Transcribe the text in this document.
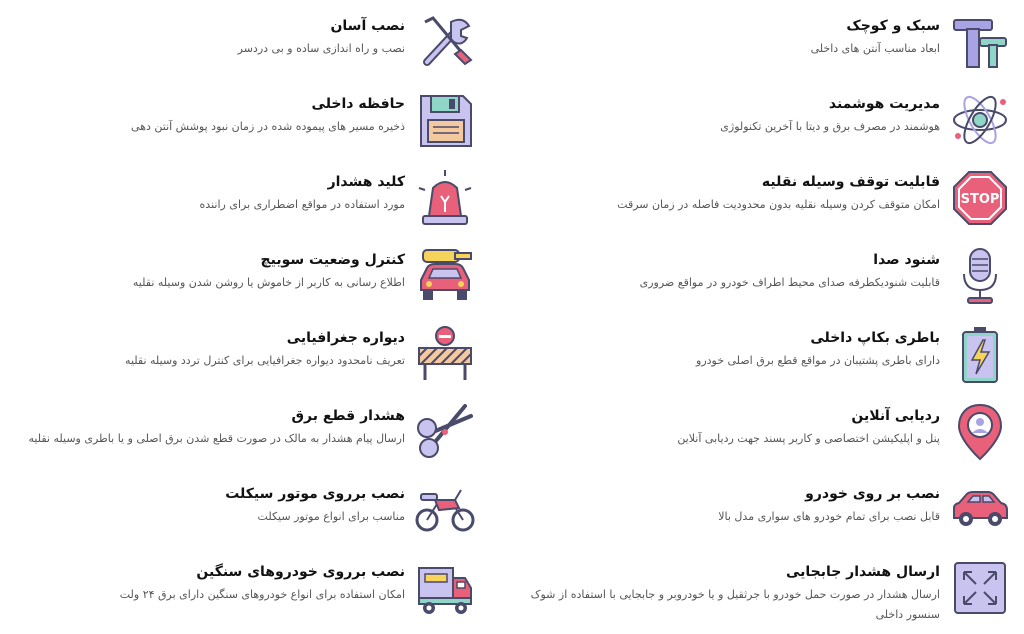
سبک و کوچک
ابعاد مناسب آنتن های داخلی
مدیریت هوشمند
هوشمند در مصرف برق و دیتا با آخرین تکنولوژی
STOP
قابلیت توقف وسیله نقلیه
امکان متوقف کردن وسیله نقلیه بدون محدودیت فاصله در زمان سرقت
شنود صدا
قابلیت شنودیکطرفه صدای محیط اطراف خودرو در مواقع ضروری
باطری بکاپ داخلی
دارای باطری پشتیبان در مواقع قطع برق اصلی خودرو
ردیابی آنلاین
پنل و اپلیکیشن اختصاصی و کاربر پسند جهت ردیابی آنلاین
نصب بر روی خودرو
قابل نصب برای تمام خودرو های سواری مدل بالا
ارسال هشدار جابجایی
ارسال هشدار در صورت حمل خودرو با جرثقیل و یا خودروبر و جابجایی با استفاده از شوک سنسور داخلی
نصب آسان
نصب و راه اندازی ساده و بی دردسر
حافظه داخلی
ذخیره مسیر های پیموده شده در زمان نبود پوشش آنتن دهی
کلید هشدار
مورد استفاده در مواقع اضطراری برای راننده
کنترل وضعیت سوییچ
اطلاع رسانی به کاربر از خاموش یا روشن شدن وسیله نقلیه
دیواره جغرافیایی
تعریف نامحدود دیواره جغرافیایی برای کنترل تردد وسیله نقلیه
هشدار قطع برق
ارسال پیام هشدار به مالک در صورت قطع شدن برق اصلی و یا باطری وسیله نقلیه
نصب برروی موتور سیکلت
مناسب برای انواع موتور سیکلت
نصب برروی خودروهای سنگین
امکان استفاده برای انواع خودروهای سنگین دارای برق ۲۴ ولت
